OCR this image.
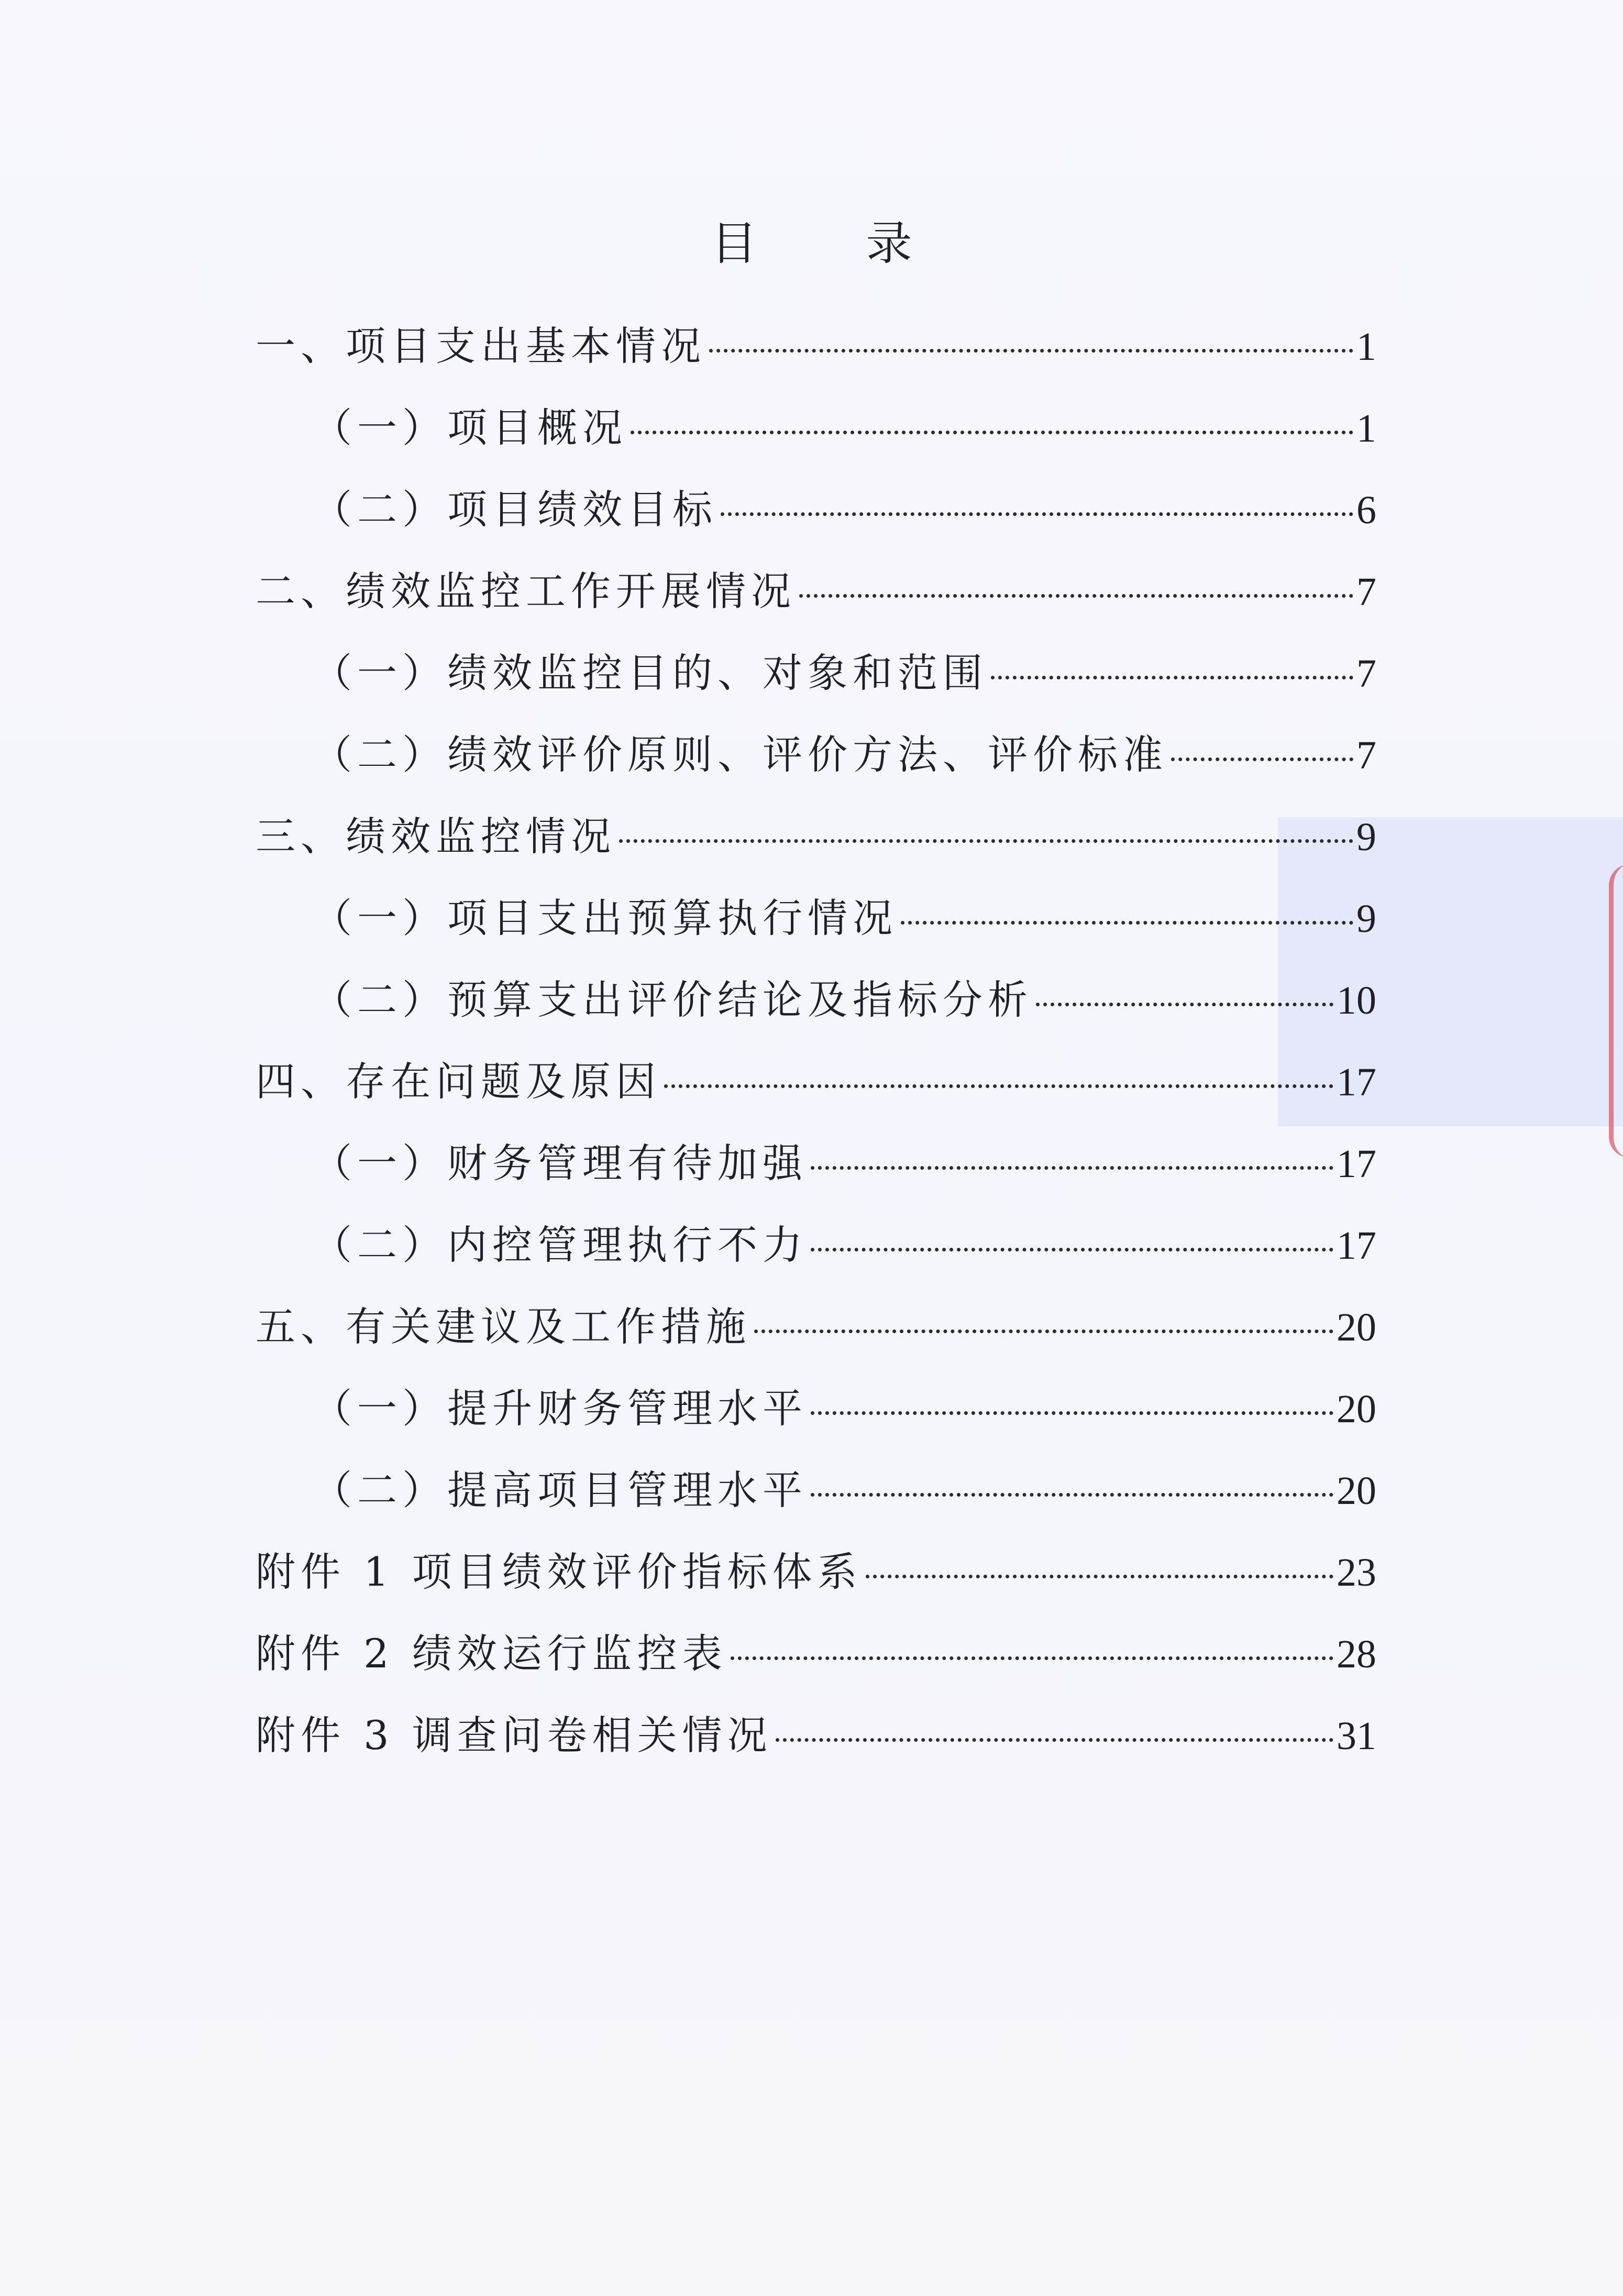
目 录
一、项目支出基本情况	1
（一）项目概况	1
（二）项目绩效目标	6
二、绩效监控工作开展情况	7
（一）绩效监控目的、对象和范围	7
（二）绩效评价原则、评价方法、评价标准	7
三、绩效监控情况	9
（一）项目支出预算执行情况	9
（二）预算支出评价结论及指标分析	10
四、存在问题及原因	17
（一）财务管理有待加强	17
（二）内控管理执行不力	17
五、有关建议及工作措施	20
（一）提升财务管理水平	20
（二）提高项目管理水平	20
附件 1 项目绩效评价指标体系	23
附件 2 绩效运行监控表	28
附件 3 调查问卷相关情况	31
